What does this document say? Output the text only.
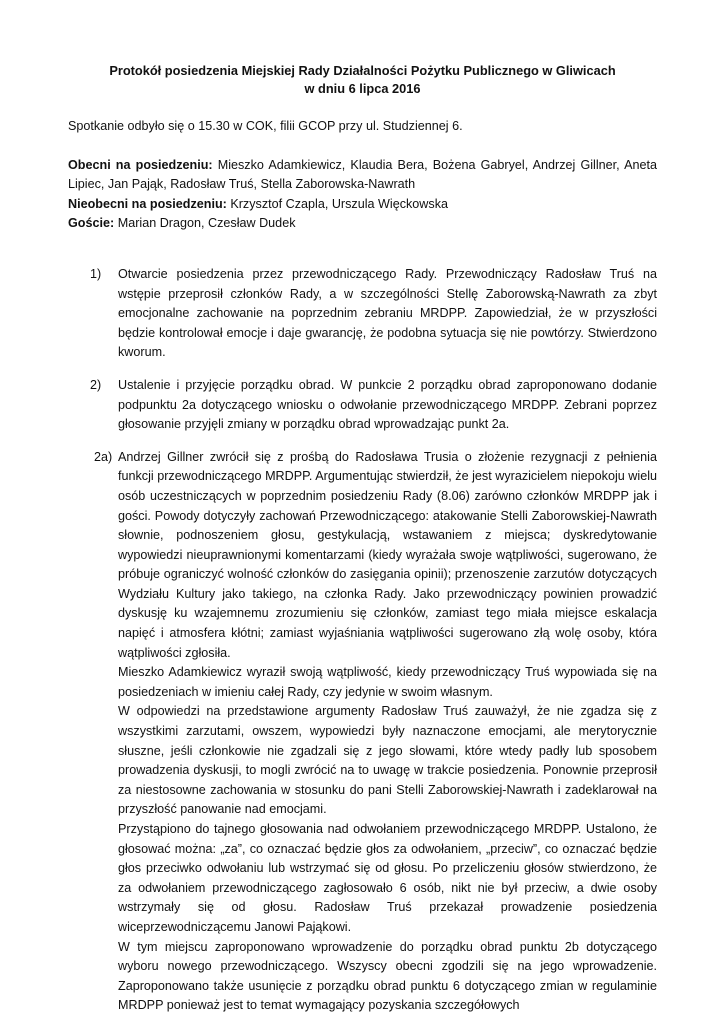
Protokół posiedzenia Miejskiej Rady Działalności Pożytku Publicznego w Gliwicach

w dniu 6 lipca 2016

Spotkanie odbyło się o 15.30 w COK, filii GCOP przy ul. Studziennej 6.

Obecni na posiedzeniu: Mieszko Adamkiewicz, Klaudia Bera, Bożena Gabryel, Andrzej Gillner, Aneta Lipiec, Jan Pająk, Radosław Truś, Stella Zaborowska-Nawrath

Nieobecni na posiedzeniu: Krzysztof Czapla, Urszula Więckowska

Goście: Marian Dragon, Czesław Dudek

1) Otwarcie posiedzenia przez przewodniczącego Rady. Przewodniczący Radosław Truś na wstępie przeprosił członków Rady, a w szczególności Stellę Zaborowską-Nawrath za zbyt emocjonalne zachowanie na poprzednim zebraniu MRDPP. Zapowiedział, że w przyszłości będzie kontrolował emocje i daje gwarancję, że podobna sytuacja się nie powtórzy. Stwierdzono kworum.

2) Ustalenie i przyjęcie porządku obrad. W punkcie 2 porządku obrad zaproponowano dodanie podpunktu 2a dotyczącego wniosku o odwołanie przewodniczącego MRDPP. Zebrani poprzez głosowanie przyjęli zmiany w porządku obrad wprowadzając punkt 2a.

2a) Andrzej Gillner zwrócił się z prośbą do Radosława Trusia o złożenie rezygnacji z pełnienia funkcji przewodniczącego MRDPP. Argumentując stwierdził, że jest wyrazicielem niepokoju wielu osób uczestniczących w poprzednim posiedzeniu Rady (8.06) zarówno członków MRDPP jak i gości. Powody dotyczyły zachowań Przewodniczącego: atakowanie Stelli Zaborowskiej-Nawrath słownie, podnoszeniem głosu, gestykulacją, wstawaniem z miejsca; dyskredytowanie wypowiedzi nieuprawnionymi komentarzami (kiedy wyrażała swoje wątpliwości, sugerowano, że próbuje ograniczyć wolność członków do zasięgania opinii); przenoszenie zarzutów dotyczących Wydziału Kultury jako takiego, na członka Rady. Jako przewodniczący powinien prowadzić dyskusję ku wzajemnemu zrozumieniu się członków, zamiast tego miała miejsce eskalacja napięć i atmosfera kłótni; zamiast wyjaśniania wątpliwości sugerowano złą wolę osoby, która wątpliwości zgłosiła.

Mieszko Adamkiewicz wyraził swoją wątpliwość, kiedy przewodniczący Truś wypowiada się na posiedzeniach w imieniu całej Rady, czy jedynie w swoim własnym.

W odpowiedzi na przedstawione argumenty Radosław Truś zauważył, że nie zgadza się z wszystkimi zarzutami, owszem, wypowiedzi były naznaczone emocjami, ale merytorycznie słuszne, jeśli członkowie nie zgadzali się z jego słowami, które wtedy padły lub sposobem prowadzenia dyskusji, to mogli zwrócić na to uwagę w trakcie posiedzenia. Ponownie przeprosił za niestosowne zachowania w stosunku do pani Stelli Zaborowskiej-Nawrath i zadeklarował na przyszłość panowanie nad emocjami.

Przystąpiono do tajnego głosowania nad odwołaniem przewodniczącego MRDPP. Ustalono, że głosować można: „za”, co oznaczać będzie głos za odwołaniem, „przeciw”, co oznaczać będzie głos przeciwko odwołaniu lub wstrzymać się od głosu. Po przeliczeniu głosów stwierdzono, że za odwołaniem przewodniczącego zagłosowało 6 osób, nikt nie był przeciw, a dwie osoby wstrzymały się od głosu. Radosław Truś przekazał prowadzenie posiedzenia wiceprzewodniczącemu Janowi Pająkowi.

W tym miejscu zaproponowano wprowadzenie do porządku obrad punktu 2b dotyczącego wyboru nowego przewodniczącego. Wszyscy obecni zgodzili się na jego wprowadzenie. Zaproponowano także usunięcie z porządku obrad punktu 6 dotyczącego zmian w regulaminie MRDPP ponieważ jest to temat wymagający pozyskania szczegółowych
